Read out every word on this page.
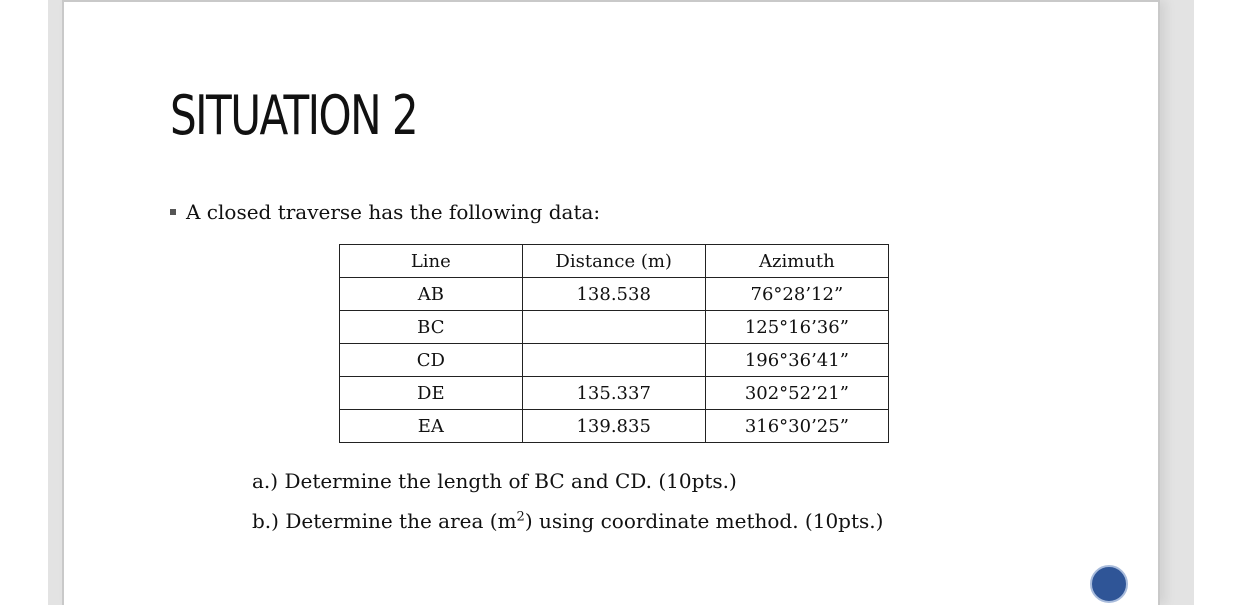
SITUATION 2
A closed traverse has the following data:
Line	Distance (m)	Azimuth
AB	138.538	76°28’12”
BC		125°16’36”
CD		196°36’41”
DE	135.337	302°52’21”
EA	139.835	316°30’25”
a.) Determine the length of BC and CD. (10pts.)
b.) Determine the area $(m^2)$ using coordinate method. (10pts.)
